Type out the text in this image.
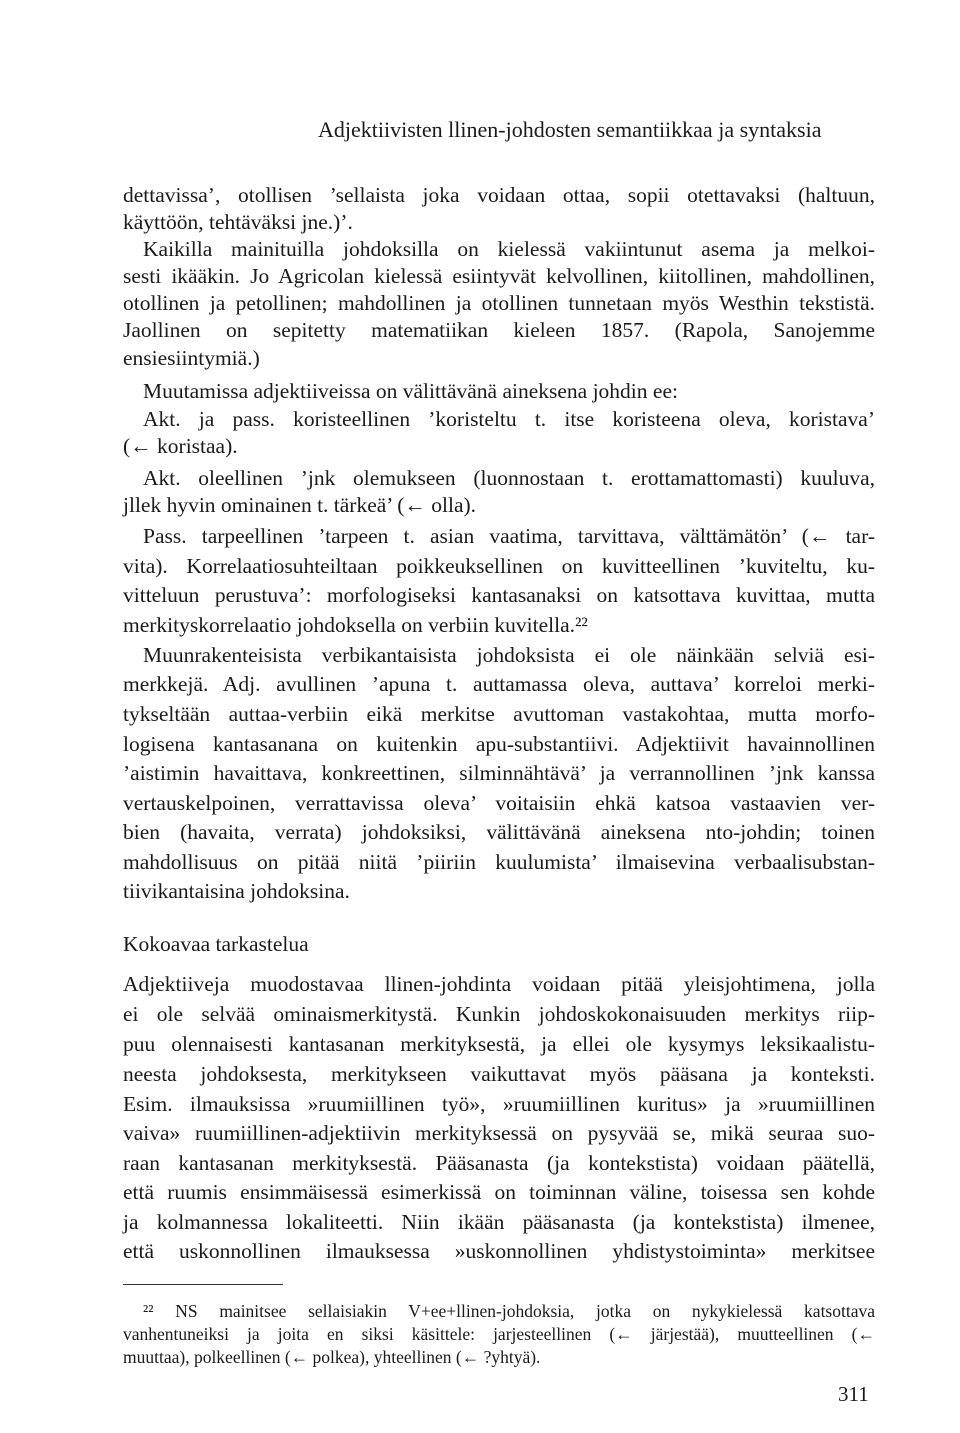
Adjektiivisten llinen-johdosten semantiikkaa ja syntaksia
dettavissa’, otollisen ’sellaista joka voidaan ottaa, sopii otettavaksi (haltuun,
käyttöön, tehtäväksi jne.)’.
Kaikilla mainituilla johdoksilla on kielessä vakiintunut asema ja melkoi-
sesti ikääkin. Jo Agricolan kielessä esiintyvät kelvollinen, kiitollinen, mahdollinen,
otollinen ja petollinen; mahdollinen ja otollinen tunnetaan myös Westhin tekstistä.
Jaollinen on sepitetty matematiikan kieleen 1857. (Rapola, Sanojemme
ensiesiintymiä.)
Muutamissa adjektiiveissa on välittävänä aineksena johdin ee:
Akt. ja pass. koristeellinen ’koristeltu t. itse koristeena oleva, koristava’
(← koristaa).
Akt. oleellinen ’jnk olemukseen (luonnostaan t. erottamattomasti) kuuluva,
jllek hyvin ominainen t. tärkeä’ (← olla).
Pass. tarpeellinen ’tarpeen t. asian vaatima, tarvittava, välttämätön’ (← tar-
vita). Korrelaatiosuhteiltaan poikkeuksellinen on kuvitteellinen ’kuviteltu, ku-
vitteluun perustuva’: morfologiseksi kantasanaksi on katsottava kuvittaa, mutta
merkityskorrelaatio johdoksella on verbiin kuvitella.²²
Muunrakenteisista verbikantaisista johdoksista ei ole näinkään selviä esi-
merkkejä. Adj. avullinen ’apuna t. auttamassa oleva, auttava’ korreloi merki-
tykseltään auttaa-verbiin eikä merkitse avuttoman vastakohtaa, mutta morfo-
logisena kantasanana on kuitenkin apu-substantiivi. Adjektiivit havainnollinen
’aistimin havaittava, konkreettinen, silminnähtävä’ ja verrannollinen ’jnk kanssa
vertauskelpoinen, verrattavissa oleva’ voitaisiin ehkä katsoa vastaavien ver-
bien (havaita, verrata) johdoksiksi, välittävänä aineksena nto-johdin; toinen
mahdollisuus on pitää niitä ’piiriin kuulumista’ ilmaisevina verbaalisubstan-
tiivikantaisina johdoksina.
Kokoavaa tarkastelua
Adjektiiveja muodostavaa llinen-johdinta voidaan pitää yleisjohtimena, jolla
ei ole selvää ominaismerkitystä. Kunkin johdoskokonaisuuden merkitys riip-
puu olennaisesti kantasanan merkityksestä, ja ellei ole kysymys leksikaalistu-
neesta johdoksesta, merkitykseen vaikuttavat myös pääsana ja konteksti.
Esim. ilmauksissa »ruumiillinen työ», »ruumiillinen kuritus» ja »ruumiillinen
vaiva» ruumiillinen-adjektiivin merkityksessä on pysyvää se, mikä seuraa suo-
raan kantasanan merkityksestä. Pääsanasta (ja kontekstista) voidaan päätellä,
että ruumis ensimmäisessä esimerkissä on toiminnan väline, toisessa sen kohde
ja kolmannessa lokaliteetti. Niin ikään pääsanasta (ja kontekstista) ilmenee,
että uskonnollinen ilmauksessa »uskonnollinen yhdistystoiminta» merkitsee
²² NS mainitsee sellaisiakin V+ee+llinen-johdoksia, jotka on nykykielessä katsottava
vanhentuneiksi ja joita en siksi käsittele: jarjesteellinen (← järjestää), muutteellinen (←
muuttaa), polkeellinen (← polkea), yhteellinen (← ?yhtyä).
311
